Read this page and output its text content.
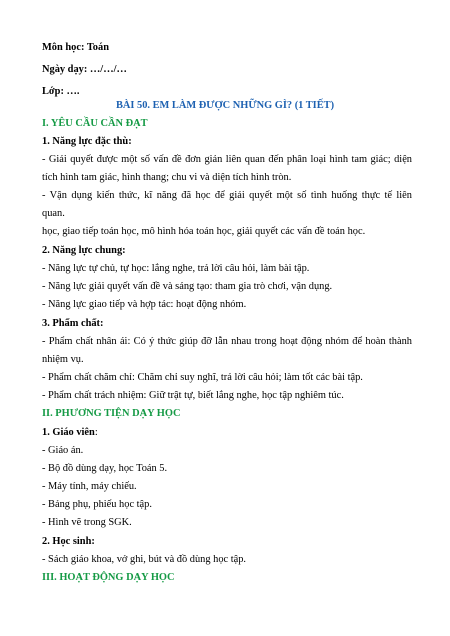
Môn học: Toán
Ngày dạy: …/…/…
Lớp: ….
BÀI 50. EM LÀM ĐƯỢC NHỮNG GÌ? (1 TIẾT)
I. YÊU CẦU CẦN ĐẠT
1. Năng lực đặc thù:
- Giải quyết được một số vấn đề đơn giản liên quan đến phân loại hình tam giác; diện
tích hình tam giác, hình thang; chu vi và diện tích hình tròn.
- Vận dụng kiến thức, kĩ năng đã học để giải quyết một số tình huống thực tế liên
quan.
học, giao tiếp toán học, mô hình hóa toán học, giải quyết các vấn đề toán học.
2. Năng lực chung:
- Năng lực tự chủ, tự học: lắng nghe, trả lời câu hỏi, làm bài tập.
- Năng lực giải quyết vấn đề và sáng tạo: tham gia trò chơi, vận dụng.
- Năng lực giao tiếp và hợp tác: hoạt động nhóm.
3. Phẩm chất:
- Phẩm chất nhân ái: Có ý thức giúp đỡ lẫn nhau trong hoạt động nhóm để hoàn thành
nhiệm vụ.
- Phẩm chất chăm chỉ: Chăm chỉ suy nghĩ, trả lời câu hỏi; làm tốt các bài tập.
- Phẩm chất trách nhiệm: Giữ trật tự, biết lắng nghe, học tập nghiêm túc.
II. PHƯƠNG TIỆN DẠY HỌC
1. Giáo viên:
- Giáo án.
- Bộ đồ dùng dạy, học Toán 5.
- Máy tính, máy chiếu.
- Bảng phụ, phiếu học tập.
- Hình vẽ trong SGK.
2. Học sinh:
- Sách giáo khoa, vở ghi, bút và đồ dùng học tập.
III. HOẠT ĐỘNG DẠY HỌC
